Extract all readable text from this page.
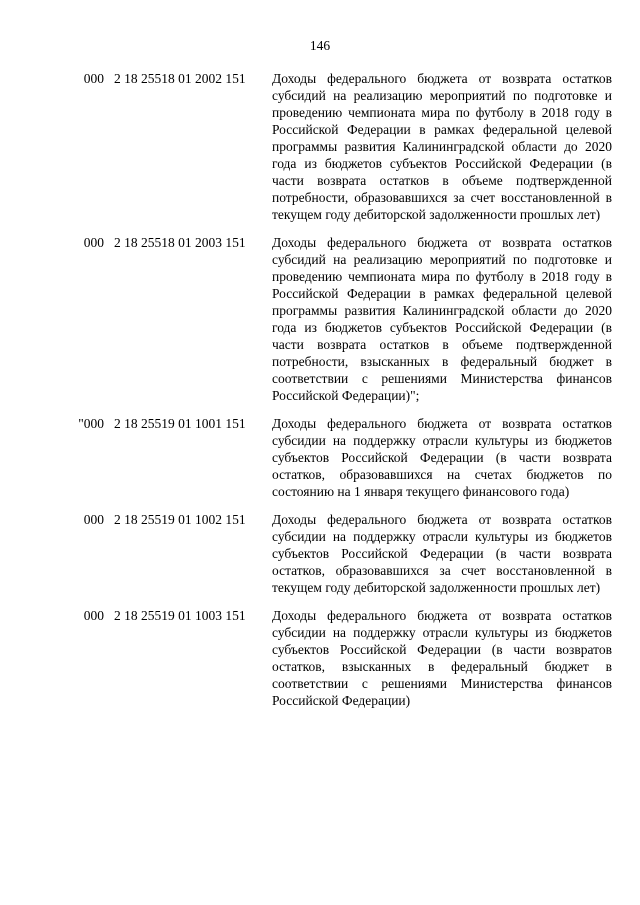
146
000 2 18 25518 01 2002 151 Доходы федерального бюджета от возврата остатков субсидий на реализацию мероприятий по подготовке и проведению чемпионата мира по футболу в 2018 году в Российской Федерации в рамках федеральной целевой программы развития Калининградской области до 2020 года из бюджетов субъектов Российской Федерации (в части возврата остатков в объеме подтвержденной потребности, образовавшихся за счет восстановленной в текущем году дебиторской задолженности прошлых лет)
000 2 18 25518 01 2003 151 Доходы федерального бюджета от возврата остатков субсидий на реализацию мероприятий по подготовке и проведению чемпионата мира по футболу в 2018 году в Российской Федерации в рамках федеральной целевой программы развития Калининградской области до 2020 года из бюджетов субъектов Российской Федерации (в части возврата остатков в объеме подтвержденной потребности, взысканных в федеральный бюджет в соответствии с решениями Министерства финансов Российской Федерации)";
"000 2 18 25519 01 1001 151 Доходы федерального бюджета от возврата остатков субсидии на поддержку отрасли культуры из бюджетов субъектов Российской Федерации (в части возврата остатков, образовавшихся на счетах бюджетов по состоянию на 1 января текущего финансового года)
000 2 18 25519 01 1002 151 Доходы федерального бюджета от возврата остатков субсидии на поддержку отрасли культуры из бюджетов субъектов Российской Федерации (в части возврата остатков, образовавшихся за счет восстановленной в текущем году дебиторской задолженности прошлых лет)
000 2 18 25519 01 1003 151 Доходы федерального бюджета от возврата остатков субсидии на поддержку отрасли культуры из бюджетов субъектов Российской Федерации (в части возвратов остатков, взысканных в федеральный бюджет в соответствии с решениями Министерства финансов Российской Федерации)
